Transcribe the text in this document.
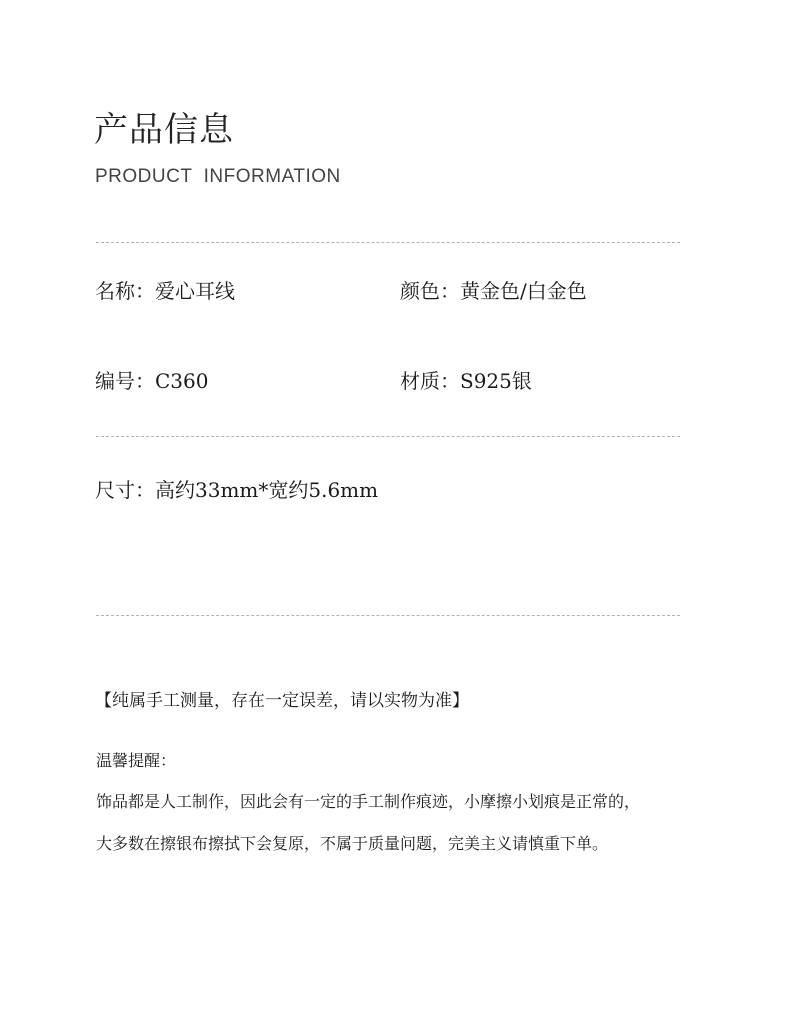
产品信息
PRODUCT  INFORMATION
名称：爱心耳线	颜色：黄金色/白金色
编号：C360	材质：S925银
尺寸：高约33mm*宽约5.6mm
【纯属手工测量，存在一定误差，请以实物为准】
温馨提醒：
饰品都是人工制作，因此会有一定的手工制作痕迹，小摩擦小划痕是正常的，
大多数在擦银布擦拭下会复原，不属于质量问题，完美主义请慎重下单。
